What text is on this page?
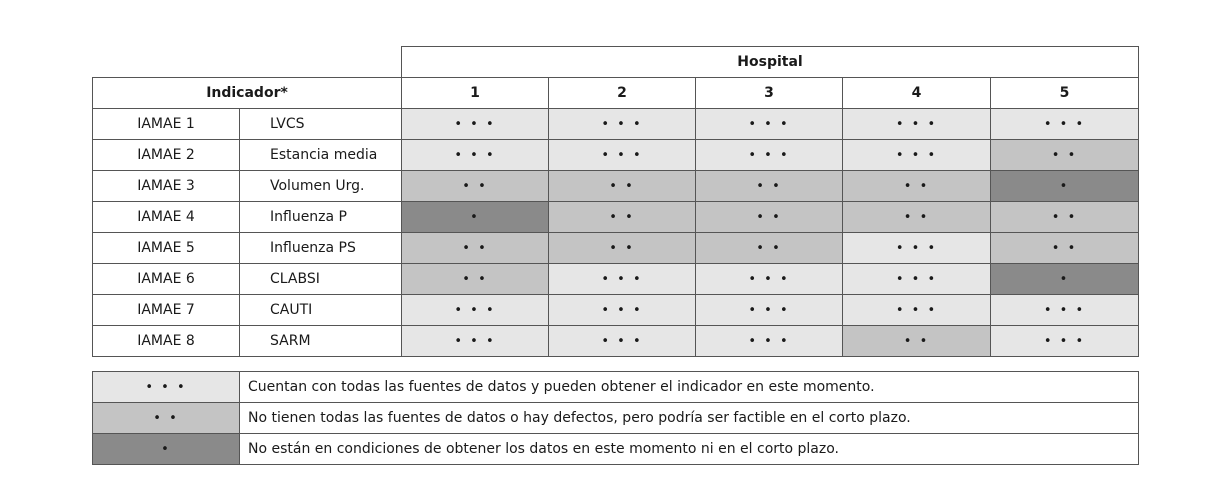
		Hospital				
Indicador*		1	2	3	4	5
IAMAE 1	LVCS	• • •	• • •	• • •	• • •	• • •
IAMAE 2	Estancia media	• • •	• • •	• • •	• • •	• •
IAMAE 3	Volumen Urg.	• •	• •	• •	• •	•
IAMAE 4	Influenza P	•	• •	• •	• •	• •
IAMAE 5	Influenza PS	• •	• •	• •	• • •	• •
IAMAE 6	CLABSI	• •	• • •	• • •	• • •	•
IAMAE 7	CAUTI	• • •	• • •	• • •	• • •	• • •
IAMAE 8	SARM	• • •	• • •	• • •	• •	• • •
• • •	Cuentan con todas las fuentes de datos y pueden obtener el indicador en este momento.
• •	No tienen todas las fuentes de datos o hay defectos, pero podría ser factible en el corto plazo.
•	No están en condiciones de obtener los datos en este momento ni en el corto plazo.
